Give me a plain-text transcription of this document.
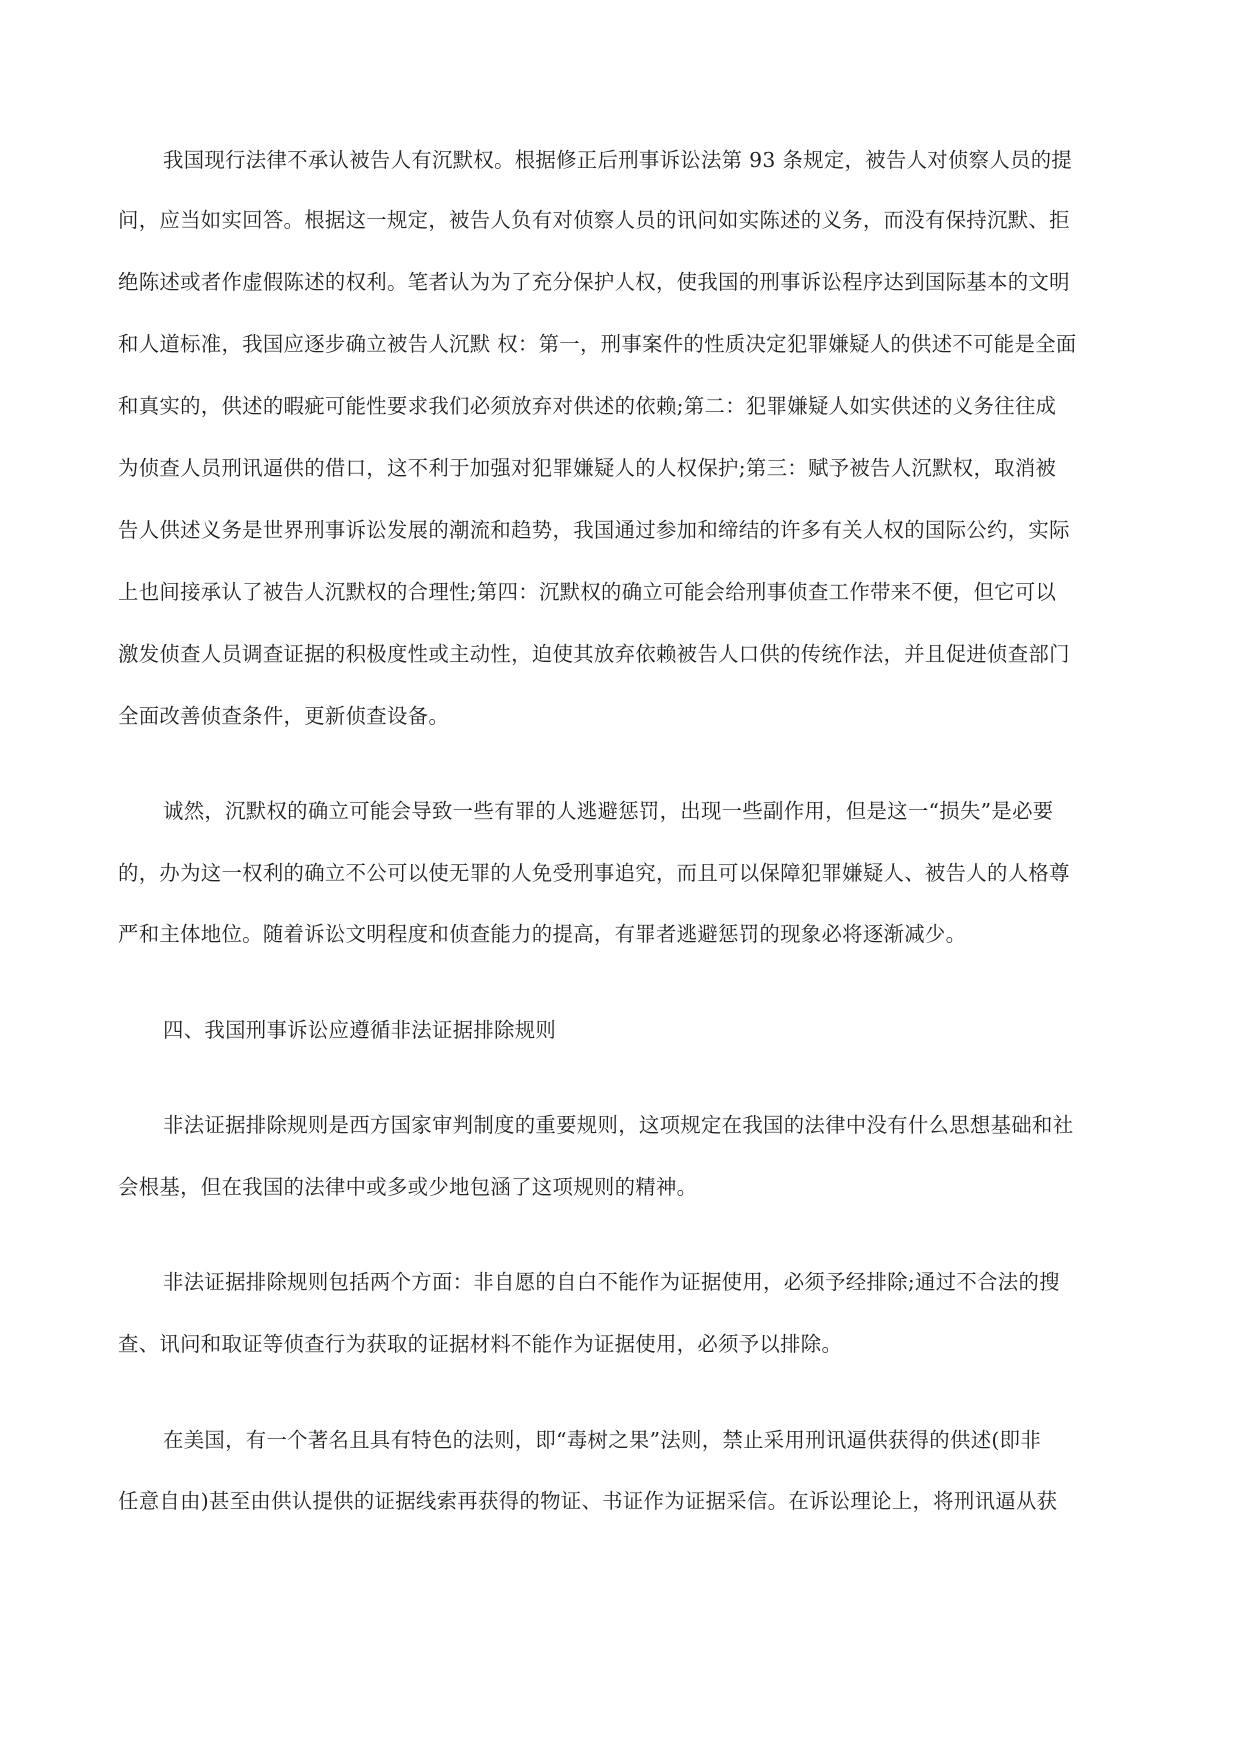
我国现行法律不承认被告人有沉默权。根据修正后刑事诉讼法第 93 条规定，被告人对侦察人员的提

问，应当如实回答。根据这一规定，被告人负有对侦察人员的讯问如实陈述的义务，而没有保持沉默、拒

绝陈述或者作虚假陈述的权利。笔者认为为了充分保护人权，使我国的刑事诉讼程序达到国际基本的文明

和人道标准，我国应逐步确立被告人沉默 权：第一，刑事案件的性质决定犯罪嫌疑人的供述不可能是全面

和真实的，供述的暇疵可能性要求我们必须放弃对供述的依赖;第二：犯罪嫌疑人如实供述的义务往往成

为侦查人员刑讯逼供的借口，这不利于加强对犯罪嫌疑人的人权保护;第三：赋予被告人沉默权，取消被

告人供述义务是世界刑事诉讼发展的潮流和趋势，我国通过参加和缔结的许多有关人权的国际公约，实际

上也间接承认了被告人沉默权的合理性;第四：沉默权的确立可能会给刑事侦查工作带来不便，但它可以

激发侦查人员调查证据的积极度性或主动性，迫使其放弃依赖被告人口供的传统作法，并且促进侦查部门

全面改善侦查条件，更新侦查设备。

诚然，沉默权的确立可能会导致一些有罪的人逃避惩罚，出现一些副作用，但是这一“损失”是必要

的，办为这一权利的确立不公可以使无罪的人免受刑事追究，而且可以保障犯罪嫌疑人、被告人的人格尊

严和主体地位。随着诉讼文明程度和侦查能力的提高，有罪者逃避惩罚的现象必将逐渐减少。

四、我国刑事诉讼应遵循非法证据排除规则

非法证据排除规则是西方国家审判制度的重要规则，这项规定在我国的法律中没有什么思想基础和社

会根基，但在我国的法律中或多或少地包涵了这项规则的精神。

非法证据排除规则包括两个方面：非自愿的自白不能作为证据使用，必须予经排除;通过不合法的搜

查、讯问和取证等侦查行为获取的证据材料不能作为证据使用，必须予以排除。

在美国，有一个著名且具有特色的法则，即“毒树之果”法则，禁止采用刑讯逼供获得的供述(即非

任意自由)甚至由供认提供的证据线索再获得的物证、书证作为证据采信。在诉讼理论上，将刑讯逼从获
